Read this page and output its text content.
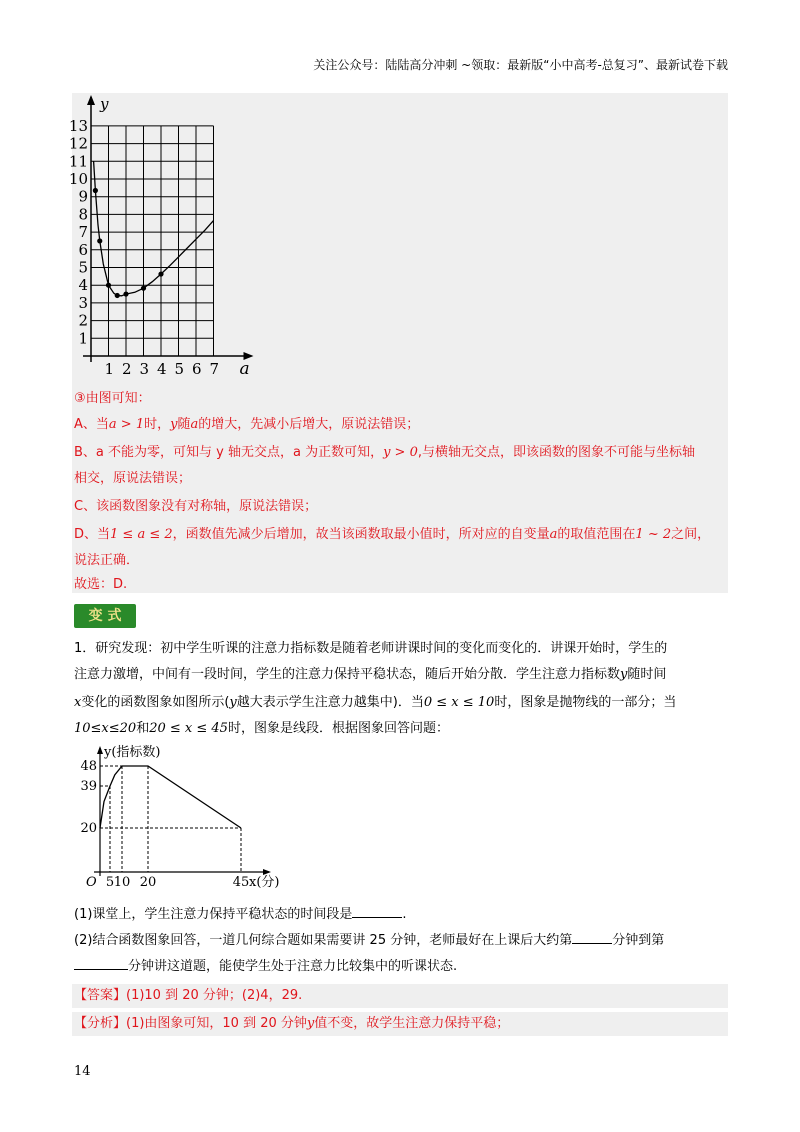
关注公众号：陆陆高分冲刺 ~领取：最新版“小中高考-总复习”、最新试卷下载
13
12
11
10
9
8
7
6
5
4
3
2
1
1 2 3 4 5 6 7
y
a
③由图可知：
A、当a > 1时，y随a的增大，先减小后增大，原说法错误；
B、a 不能为零，可知与 y 轴无交点，a 为正数可知，y > 0,与横轴无交点，即该函数的图象不可能与坐标轴
相交，原说法错误；
C、该函数图象没有对称轴，原说法错误；
D、当1 ≤ a ≤ 2，函数值先减少后增加，故当该函数取最小值时，所对应的自变量a的取值范围在1 ~ 2之间，
说法正确．
故选：D.
变 式
1．研究发现：初中学生听课的注意力指标数是随着老师讲课时间的变化而变化的．讲课开始时，学生的
注意力激增，中间有一段时间，学生的注意力保持平稳状态，随后开始分散．学生注意力指标数y随时间
x变化的函数图象如图所示(y越大表示学生注意力越集中)．当0 ≤ x ≤ 10时，图象是抛物线的一部分；当
10≤x≤20和20 ≤ x ≤ 45时，图象是线段．根据图象回答问题：
48
39
20
5 10 20	45
O
y(指标数)
x(分)
(1)课堂上，学生注意力保持平稳状态的时间段是	.
(2)结合函数图象回答，一道几何综合题如果需要讲 25 分钟，老师最好在上课后大约第	分钟到第
分钟讲这道题，能使学生处于注意力比较集中的听课状态.
【答案】(1)10 到 20 分钟；(2)4，29.
【分析】(1)由图象可知，10 到 20 分钟y值不变，故学生注意力保持平稳；
14
